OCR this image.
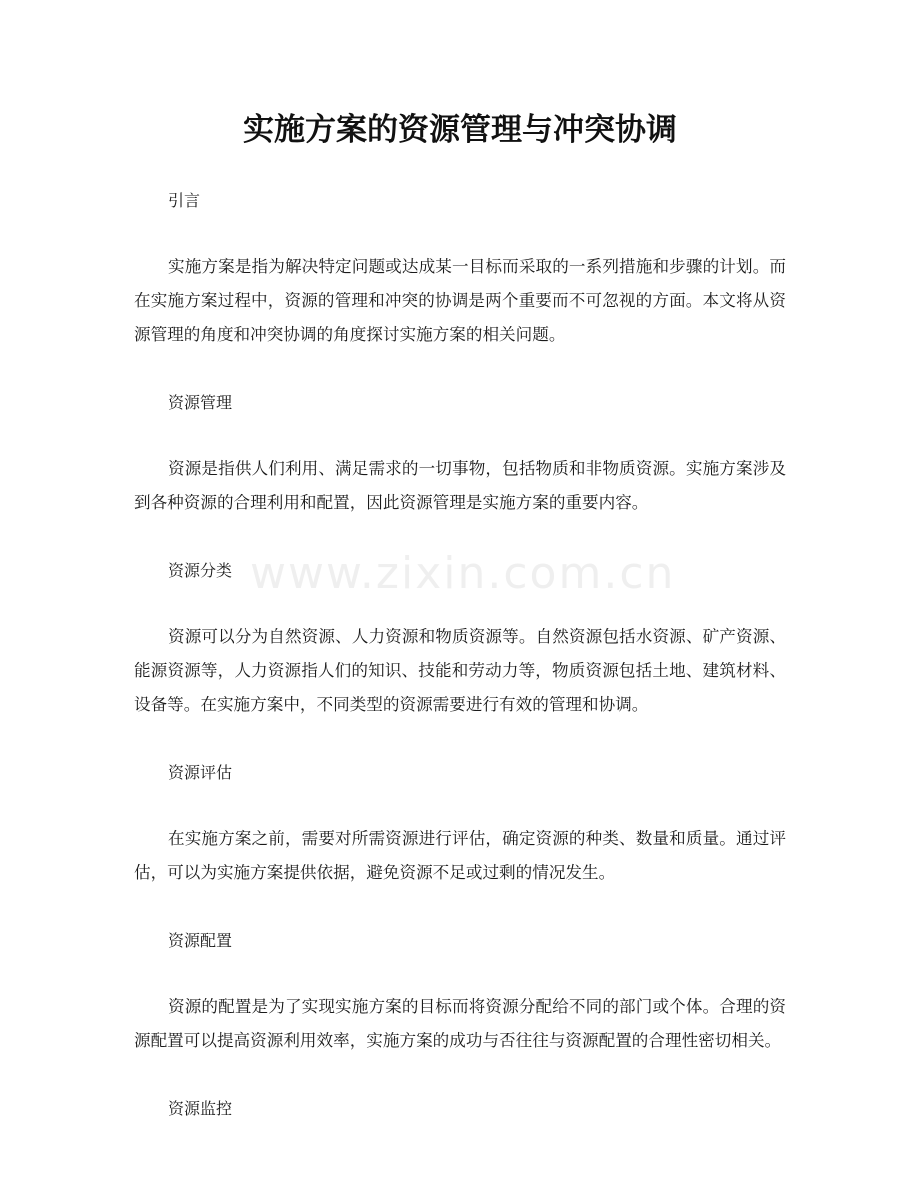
实施方案的资源管理与冲突协调
www.zixin.com.cn

引言

实施方案是指为解决特定问题或达成某一目标而采取的一系列措施和步骤的计划。而在实施方案过程中，资源的管理和冲突的协调是两个重要而不可忽视的方面。本文将从资源管理的角度和冲突协调的角度探讨实施方案的相关问题。

资源管理

资源是指供人们利用、满足需求的一切事物，包括物质和非物质资源。实施方案涉及到各种资源的合理利用和配置，因此资源管理是实施方案的重要内容。

资源分类

资源可以分为自然资源、人力资源和物质资源等。自然资源包括水资源、矿产资源、能源资源等，人力资源指人们的知识、技能和劳动力等，物质资源包括土地、建筑材料、设备等。在实施方案中，不同类型的资源需要进行有效的管理和协调。

资源评估

在实施方案之前，需要对所需资源进行评估，确定资源的种类、数量和质量。通过评估，可以为实施方案提供依据，避免资源不足或过剩的情况发生。

资源配置

资源的配置是为了实现实施方案的目标而将资源分配给不同的部门或个体。合理的资源配置可以提高资源利用效率，实施方案的成功与否往往与资源配置的合理性密切相关。

资源监控
